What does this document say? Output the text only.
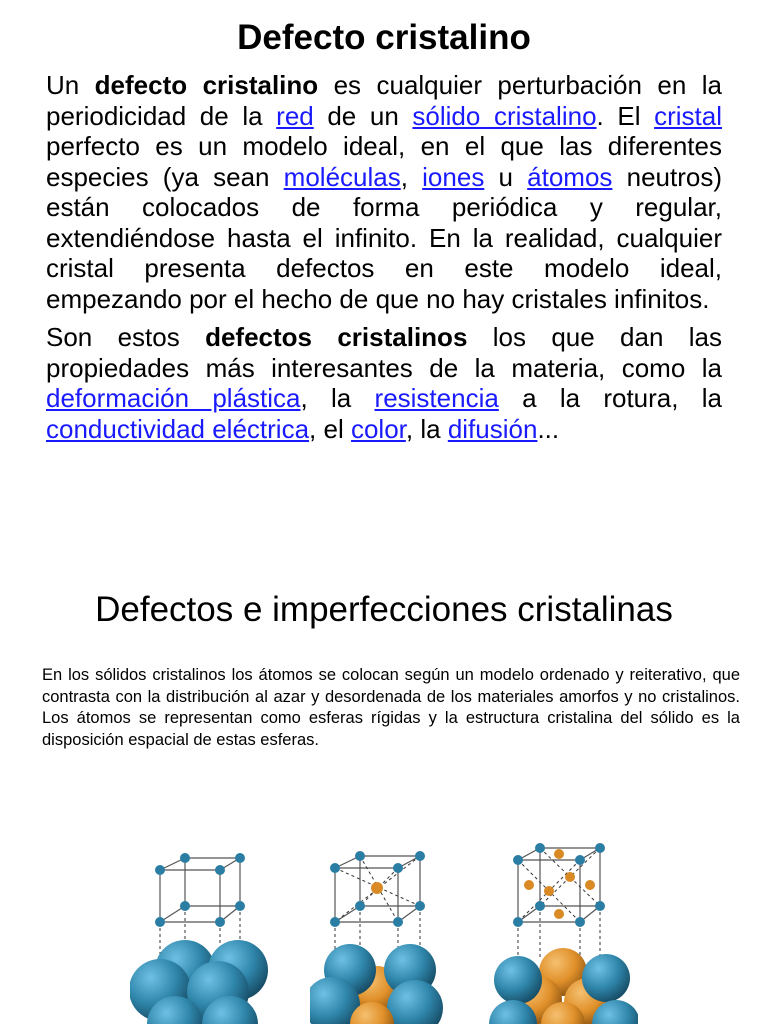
Defecto cristalino

Un defecto cristalino es cualquier perturbación en la periodicidad de la red de un sólido cristalino. El cristal perfecto es un modelo ideal, en el que las diferentes especies (ya sean moléculas, iones u átomos neutros) están colocados de forma periódica y regular, extendiéndose hasta el infinito. En la realidad, cualquier cristal presenta defectos en este modelo ideal, empezando por el hecho de que no hay cristales infinitos.

Son estos defectos cristalinos los que dan las propiedades más interesantes de la materia, como la deformación plástica, la resistencia a la rotura, la conductividad eléctrica, el color, la difusión...

Defectos e imperfecciones cristalinas

En los sólidos cristalinos los átomos se colocan según un modelo ordenado y reiterativo, que contrasta con la distribución al azar y desordenada de los materiales amorfos y no cristalinos. Los átomos se representan como esferas rígidas y la estructura cristalina del sólido es la disposición espacial de estas esferas.
